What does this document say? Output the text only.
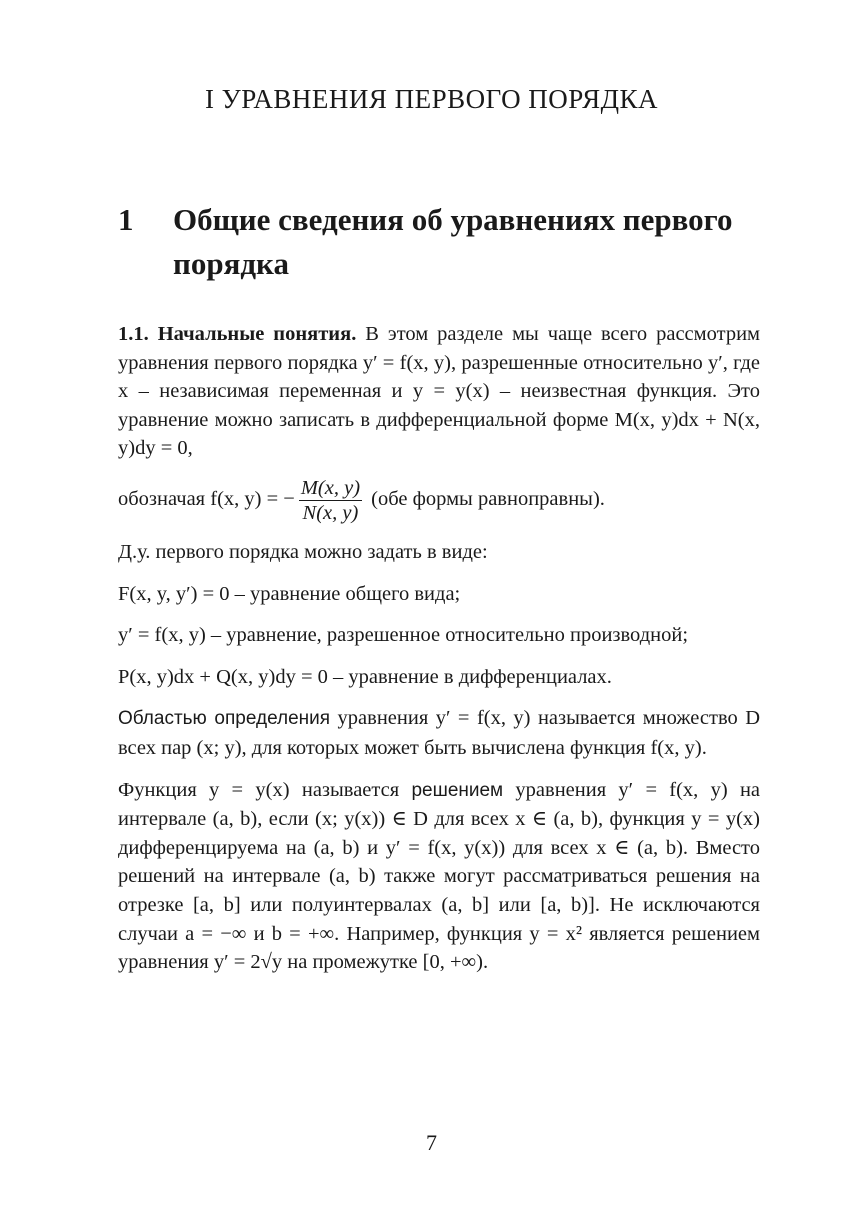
I УРАВНЕНИЯ ПЕРВОГО ПОРЯДКА
1 Общие сведения об уравнениях первого порядка

1.1. Начальные понятия. В этом разделе мы чаще всего рассмотрим уравнения первого порядка y′ = f(x, y), разрешенные относительно y′, где x – независимая переменная и y = y(x) – неизвестная функция. Это уравнение можно записать в дифференциальной форме M(x, y)dx + N(x, y)dy = 0,

обозначая f(x, y) = − $\frac{M(x, y)}{N(x, y)} (обе$ формы равноправны).

Д.у. первого порядка можно задать в виде:

F(x, y, y′) = 0 – уравнение общего вида;

y′ = f(x, y) – уравнение, разрешенное относительно производной;

P(x, y)dx + Q(x, y)dy = 0 – уравнение в дифференциалах.

Областью определения уравнения y′ = f(x, y) называется множество D всех пар (x; y), для которых может быть вычислена функция f(x, y).

Функция y = y(x) называется решением уравнения y′ = f(x, y) на интервале (a, b), если (x; y(x)) ∈ D для всех x ∈ (a, b), функция y = y(x) дифференцируема на (a, b) и y′ = f(x, y(x)) для всех x ∈ (a, b). Вместо решений на интервале (a, b) также могут рассматриваться решения на отрезке [a, b] или полуинтервалах (a, b] или [a, b)]. Не исключаются случаи a = −∞ и b = +∞. Например, функция y = x² является решением уравнения y′ = 2√y на промежутке [0, +∞).

7
